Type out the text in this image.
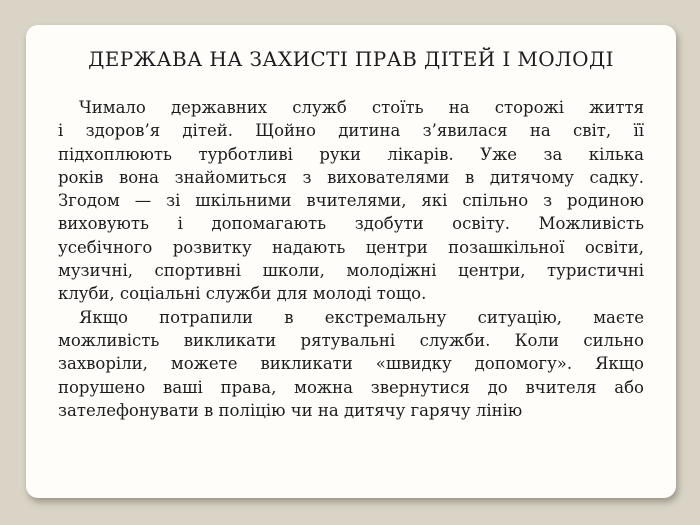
ДЕРЖАВА НА ЗАХИСТІ ПРАВ ДІТЕЙ І МОЛОДІ
Чимало державних служб стоїть на сторожі життя
і здоров’я дітей. Щойно дитина з’явилася на світ, її
підхоплюють турботливі руки лікарів. Уже за кілька
років вона знайомиться з вихователями в дитячому садку.
Згодом — зі шкільними вчителями, які спільно з родиною
виховують і допомагають здобути освіту. Можливість
усебічного розвитку надають центри позашкільної освіти,
музичні, спортивні школи, молодіжні центри, туристичні
клуби, соціальні служби для молоді тощо.
Якщо потрапили в екстремальну ситуацію, маєте
можливість викликати рятувальні служби. Коли сильно
захворіли, можете викликати «швидку допомогу». Якщо
порушено ваші права, можна звернутися до вчителя або
зателефонувати в поліцію чи на дитячу гарячу лінію
